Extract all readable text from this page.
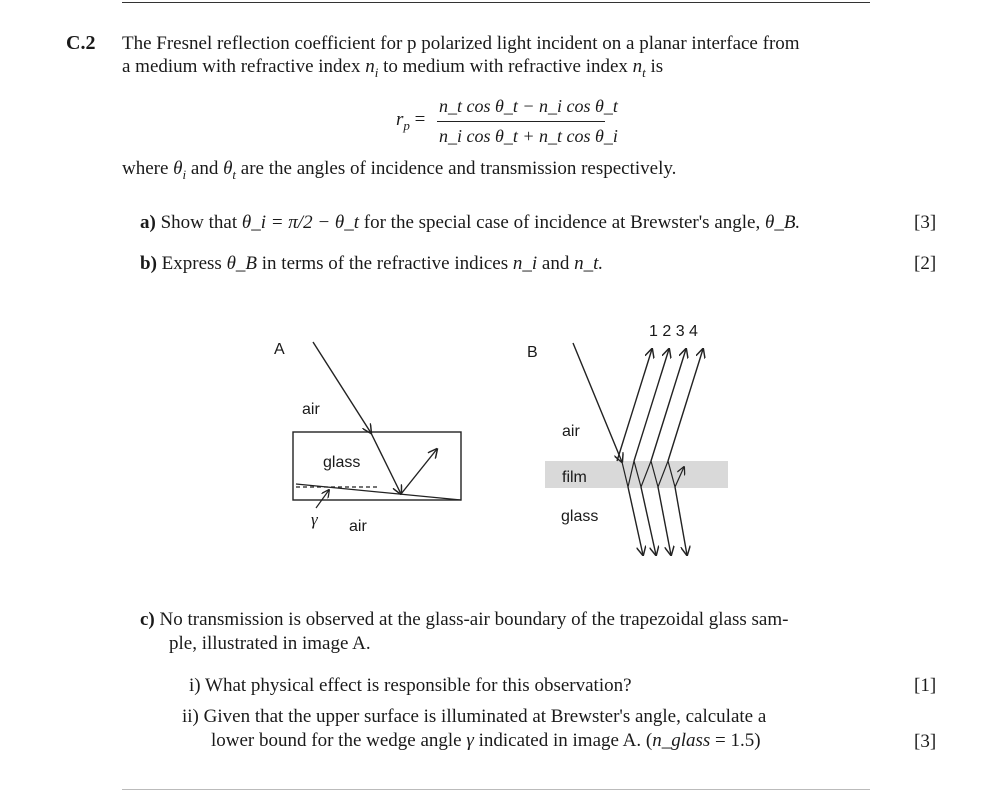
C.2 The Fresnel reflection coefficient for p polarized light incident on a planar interface from
a medium with refractive index $n_i$ to medium with refractive index $n_t$ is
$r_p$ =
n_t cos θ_t − n_i cos θ_t
n_i cos θ_t + n_t cos θ_i
where $\theta_i$ and $\theta_t$ are the angles of incidence and transmission respectively.
a) Show that θ_i = π/2 − θ_t for the special case of incidence at Brewster's angle, θ_B.	[3]
b) Express θ_B in terms of the refractive indices n_i and n_t.	[2]
A
air
glass
γ air
B
1 2 3 4
air
film
glass
c) No transmission is observed at the glass-air boundary of the trapezoidal glass sam-
ple, illustrated in image A.
i) What physical effect is responsible for this observation?	[1]
ii) Given that the upper surface is illuminated at Brewster's angle, calculate a
lower bound for the wedge angle γ indicated in image A. (n_glass = 1.5)	[3]
